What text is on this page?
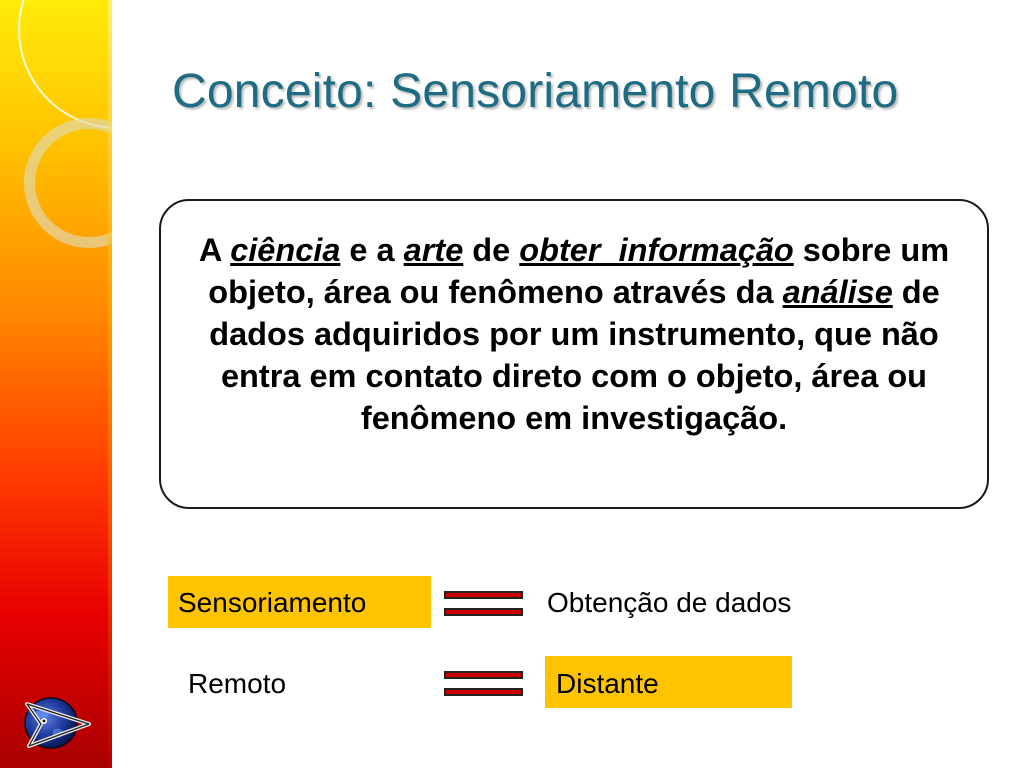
Conceito: Sensoriamento Remoto
A ciência e a arte de obter  informação sobre um objeto, área ou fenômeno através da análise de dados adquiridos por um instrumento, que não entra em contato direto com o objeto, área ou fenômeno em investigação.
Sensoriamento	Obtenção de dados
Remoto	Distante
